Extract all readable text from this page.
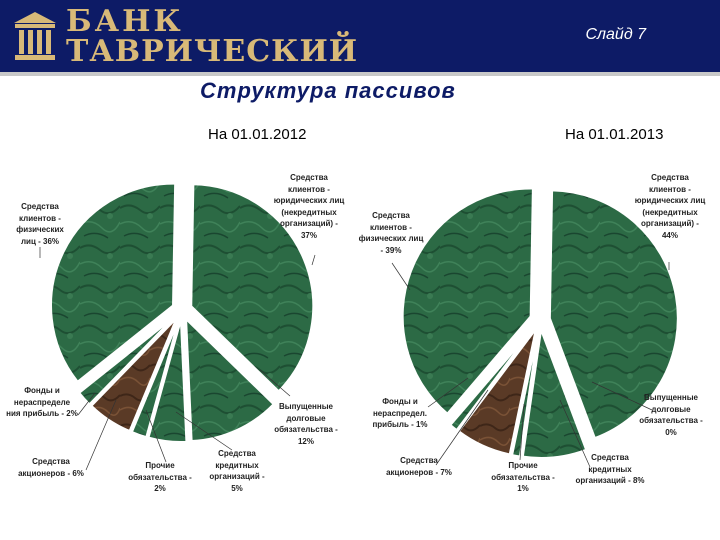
БАНК
ТАВРИЧЕСКИЙ	Слайд 7
Структура пассивов
На 01.01.2012	На 01.01.2013
Средства клиентов - физических лиц - 36%
Средства клиентов - юридических лиц (некредитных организаций) - 37%
Фонды и нераспределе ния прибыль - 2%
Средства акционеров - 6%
Прочие обязательства - 2%
Средства кредитных организаций - 5%
Выпущенные долговые обязательства - 12%
Средства клиентов - физических лиц - 39%
Средства клиентов - юридических лиц (некредитных организаций) - 44%
Фонды и нераспредел. прибыль - 1%
Средства акционеров - 7%
Прочие обязательства - 1%
Средства кредитных организаций - 8%
Выпущенные долговые обязательства - 0%
